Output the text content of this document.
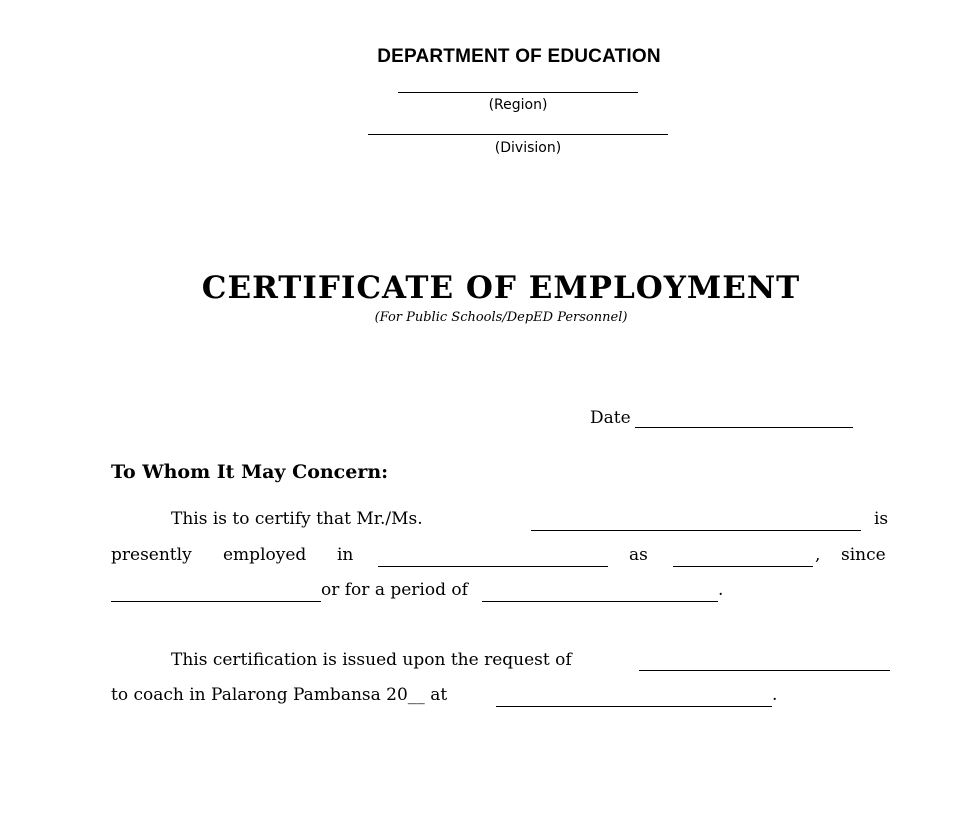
DEPARTMENT OF EDUCATION
(Region)
(Division)
CERTIFICATE OF EMPLOYMENT
(For Public Schools/DepED Personnel)
Date
To Whom It May Concern:
This is to certify that Mr./Ms.	is
presently employed in	as	, since
or for a period of	.
This certification is issued upon the request of
to coach in Palarong Pambansa 20__ at	.
